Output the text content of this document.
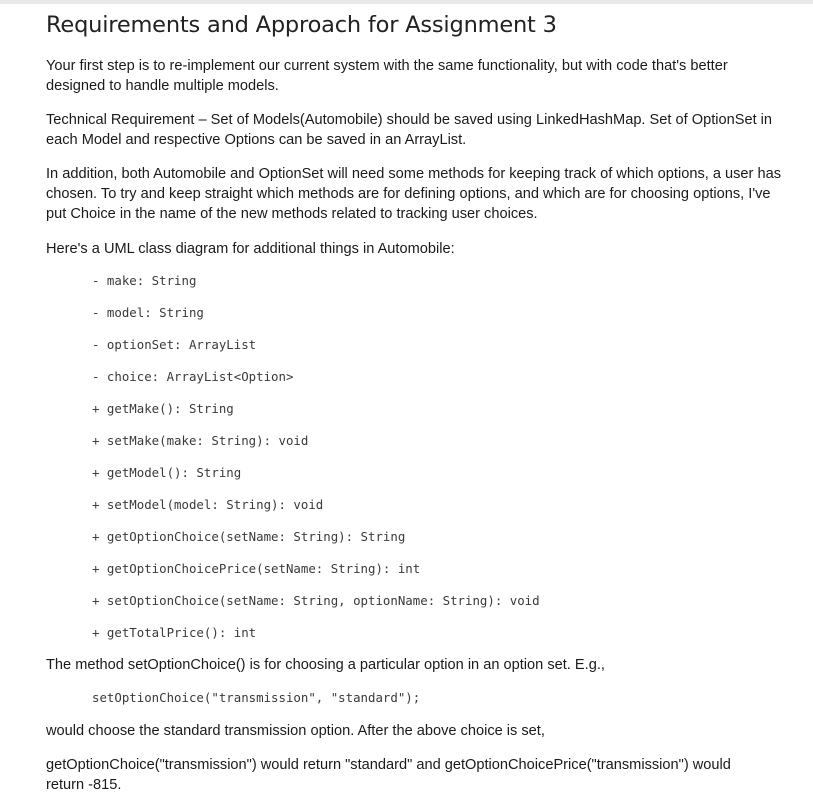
Requirements and Approach for Assignment 3

Your first step is to re-implement our current system with the same functionality, but with code that's better designed to handle multiple models.

Technical Requirement – Set of Models(Automobile) should be saved using LinkedHashMap. Set of OptionSet in each Model and respective Options can be saved in an ArrayList.

In addition, both Automobile and OptionSet will need some methods for keeping track of which options, a user has chosen. To try and keep straight which methods are for defining options, and which are for choosing options, I've put Choice in the name of the new methods related to tracking user choices.

Here's a UML class diagram for additional things in Automobile:

- make: String
- model: String
- optionSet: ArrayList
- choice: ArrayList<Option>
+ getMake(): String
+ setMake(make: String): void
+ getModel(): String
+ setModel(model: String): void
+ getOptionChoice(setName: String): String
+ getOptionChoicePrice(setName: String): int
+ setOptionChoice(setName: String, optionName: String): void
+ getTotalPrice(): int

The method setOptionChoice() is for choosing a particular option in an option set. E.g.,

setOptionChoice("transmission", "standard");

would choose the standard transmission option. After the above choice is set,

getOptionChoice("transmission") would return "standard" and getOptionChoicePrice("transmission") would return -815.
